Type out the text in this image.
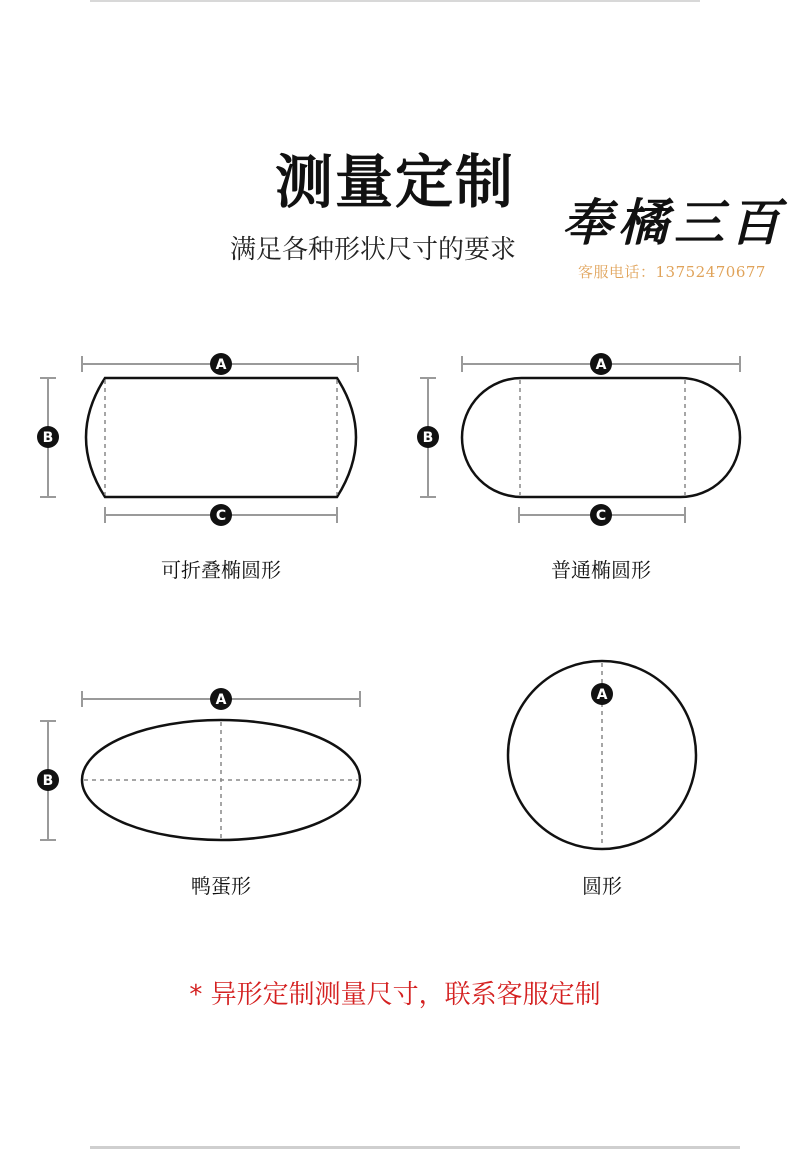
测量定制
满足各种形状尺寸的要求 奉橘三百
客服电话：13752470677
A
B
C
A
B
C
A
B
A
可折叠椭圆形	普通椭圆形
鸭蛋形	圆形
* 异形定制测量尺寸，联系客服定制
